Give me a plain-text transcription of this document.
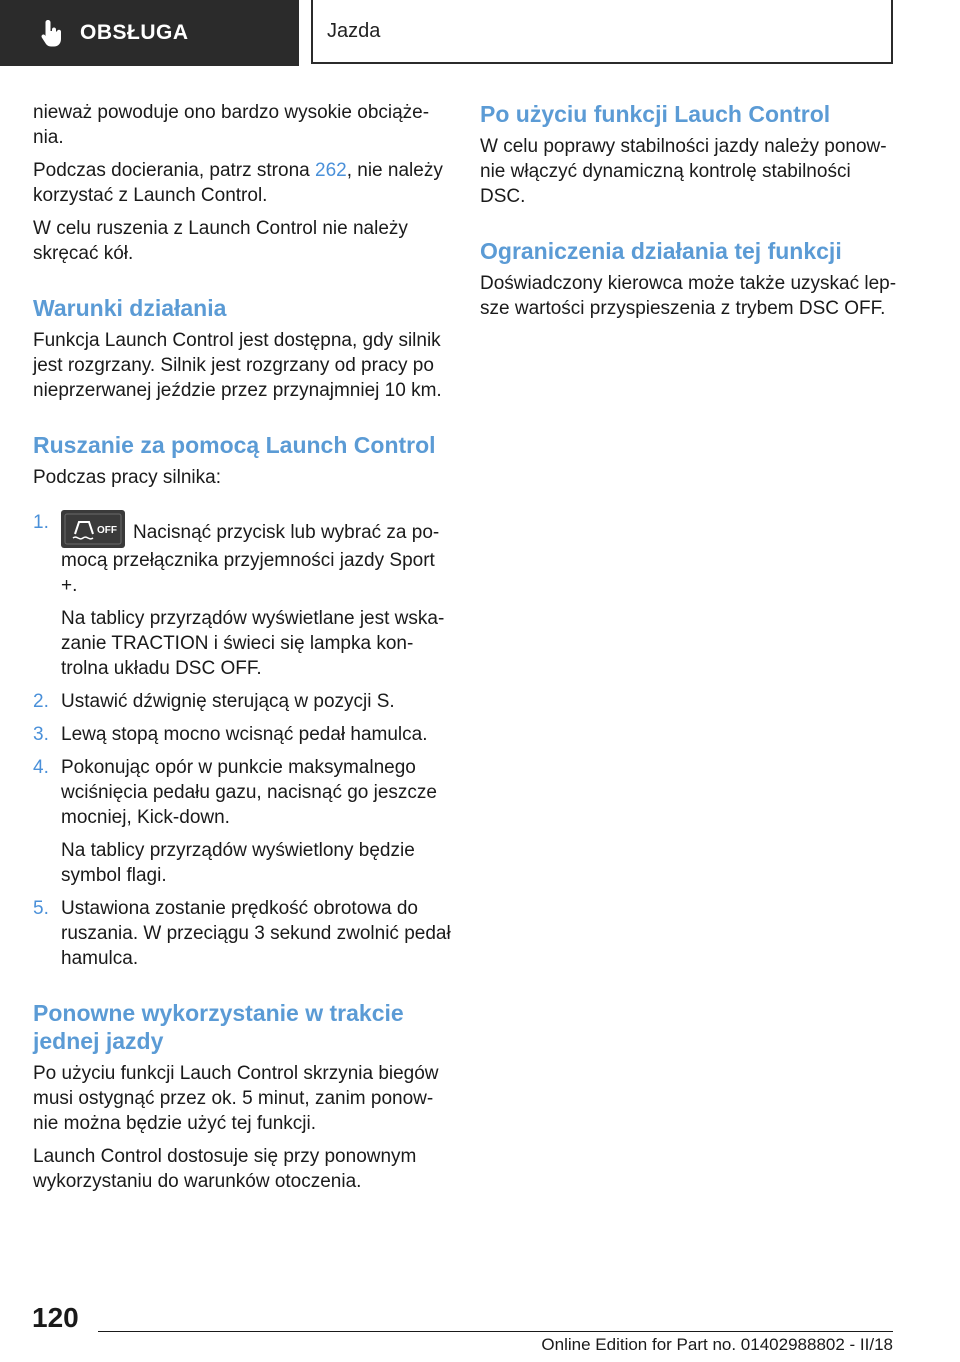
OBSŁUGA	Jazda

nieważ powoduje ono bardzo wysokie obciąże-nia.

Podczas docierania, patrz strona 262, nie należy korzystać z Launch Control.

W celu ruszenia z Launch Control nie należy skręcać kół.

Warunki działania

Funkcja Launch Control jest dostępna, gdy silnik jest rozgrzany. Silnik jest rozgrzany od pracy po nieprzerwanej jeździe przez przynajmniej 10 km.

Ruszanie za pomocą Launch Control

Podczas pracy silnika:

1.	OFF Nacisnąć przycisk lub wybrać za po-mocą przełącznika przyjemności jazdy Sport +.

Na tablicy przyrządów wyświetlane jest wska-zanie TRACTION i świeci się lampka kon-trolna układu DSC OFF.

2. Ustawić dźwignię sterującą w pozycji S.

3. Lewą stopą mocno wcisnąć pedał hamulca.

4. Pokonując opór w punkcie maksymalnego wciśnięcia pedału gazu, nacisnąć go jeszcze mocniej, Kick-down.

Na tablicy przyrządów wyświetlony będzie symbol flagi.

5. Ustawiona zostanie prędkość obrotowa do ruszania. W przeciągu 3 sekund zwolnić pedał hamulca.

Ponowne wykorzystanie w trakcie jednej jazdy

Po użyciu funkcji Lauch Control skrzynia biegów musi ostygnąć przez ok. 5 minut, zanim ponow-nie można będzie użyć tej funkcji.

Launch Control dostosuje się przy ponownym wykorzystaniu do warunków otoczenia.

Po użyciu funkcji Lauch Control

W celu poprawy stabilności jazdy należy ponow-nie włączyć dynamiczną kontrolę stabilności DSC.

Ograniczenia działania tej funkcji

Doświadczony kierowca może także uzyskać lep-sze wartości przyspieszenia z trybem DSC OFF.

120
Online Edition for Part no. 01402988802 - II/18
